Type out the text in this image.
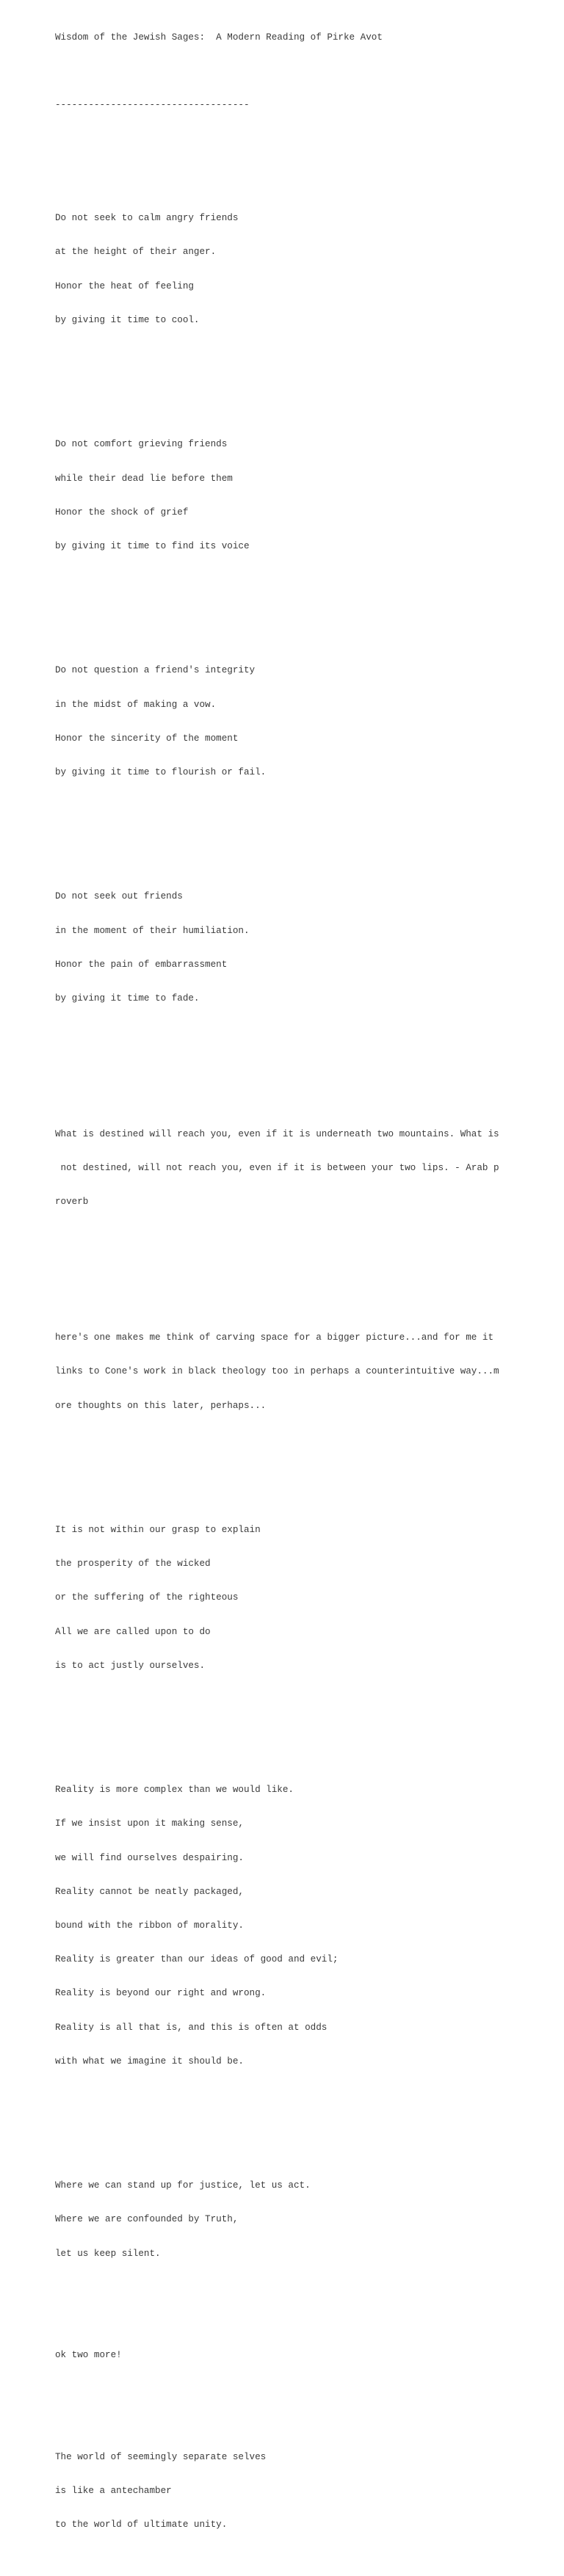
Wisdom of the Jewish Sages:  A Modern Reading of Pirke Avot

-----------------------------------

Do not seek to calm angry friends

at the height of their anger.

Honor the heat of feeling

by giving it time to cool.

Do not comfort grieving friends

while their dead lie before them

Honor the shock of grief

by giving it time to find its voice

Do not question a friend's integrity

in the midst of making a vow.

Honor the sincerity of the moment

by giving it time to flourish or fail.

Do not seek out friends

in the moment of their humiliation.

Honor the pain of embarrassment

by giving it time to fade.

What is destined will reach you, even if it is underneath two mountains. What is

not destined, will not reach you, even if it is between your two lips. - Arab p

roverb

here's one makes me think of carving space for a bigger picture...and for me it

links to Cone's work in black theology too in perhaps a counterintuitive way...m

ore thoughts on this later, perhaps...

It is not within our grasp to explain

the prosperity of the wicked

or the suffering of the righteous

All we are called upon to do

is to act justly ourselves.

Reality is more complex than we would like.

If we insist upon it making sense,

we will find ourselves despairing.

Reality cannot be neatly packaged,

bound with the ribbon of morality.

Reality is greater than our ideas of good and evil;

Reality is beyond our right and wrong.

Reality is all that is, and this is often at odds

with what we imagine it should be.

Where we can stand up for justice, let us act.

Where we are confounded by Truth,

let us keep silent.

ok two more!

The world of seemingly separate selves

is like a antechamber

to the world of ultimate unity.
